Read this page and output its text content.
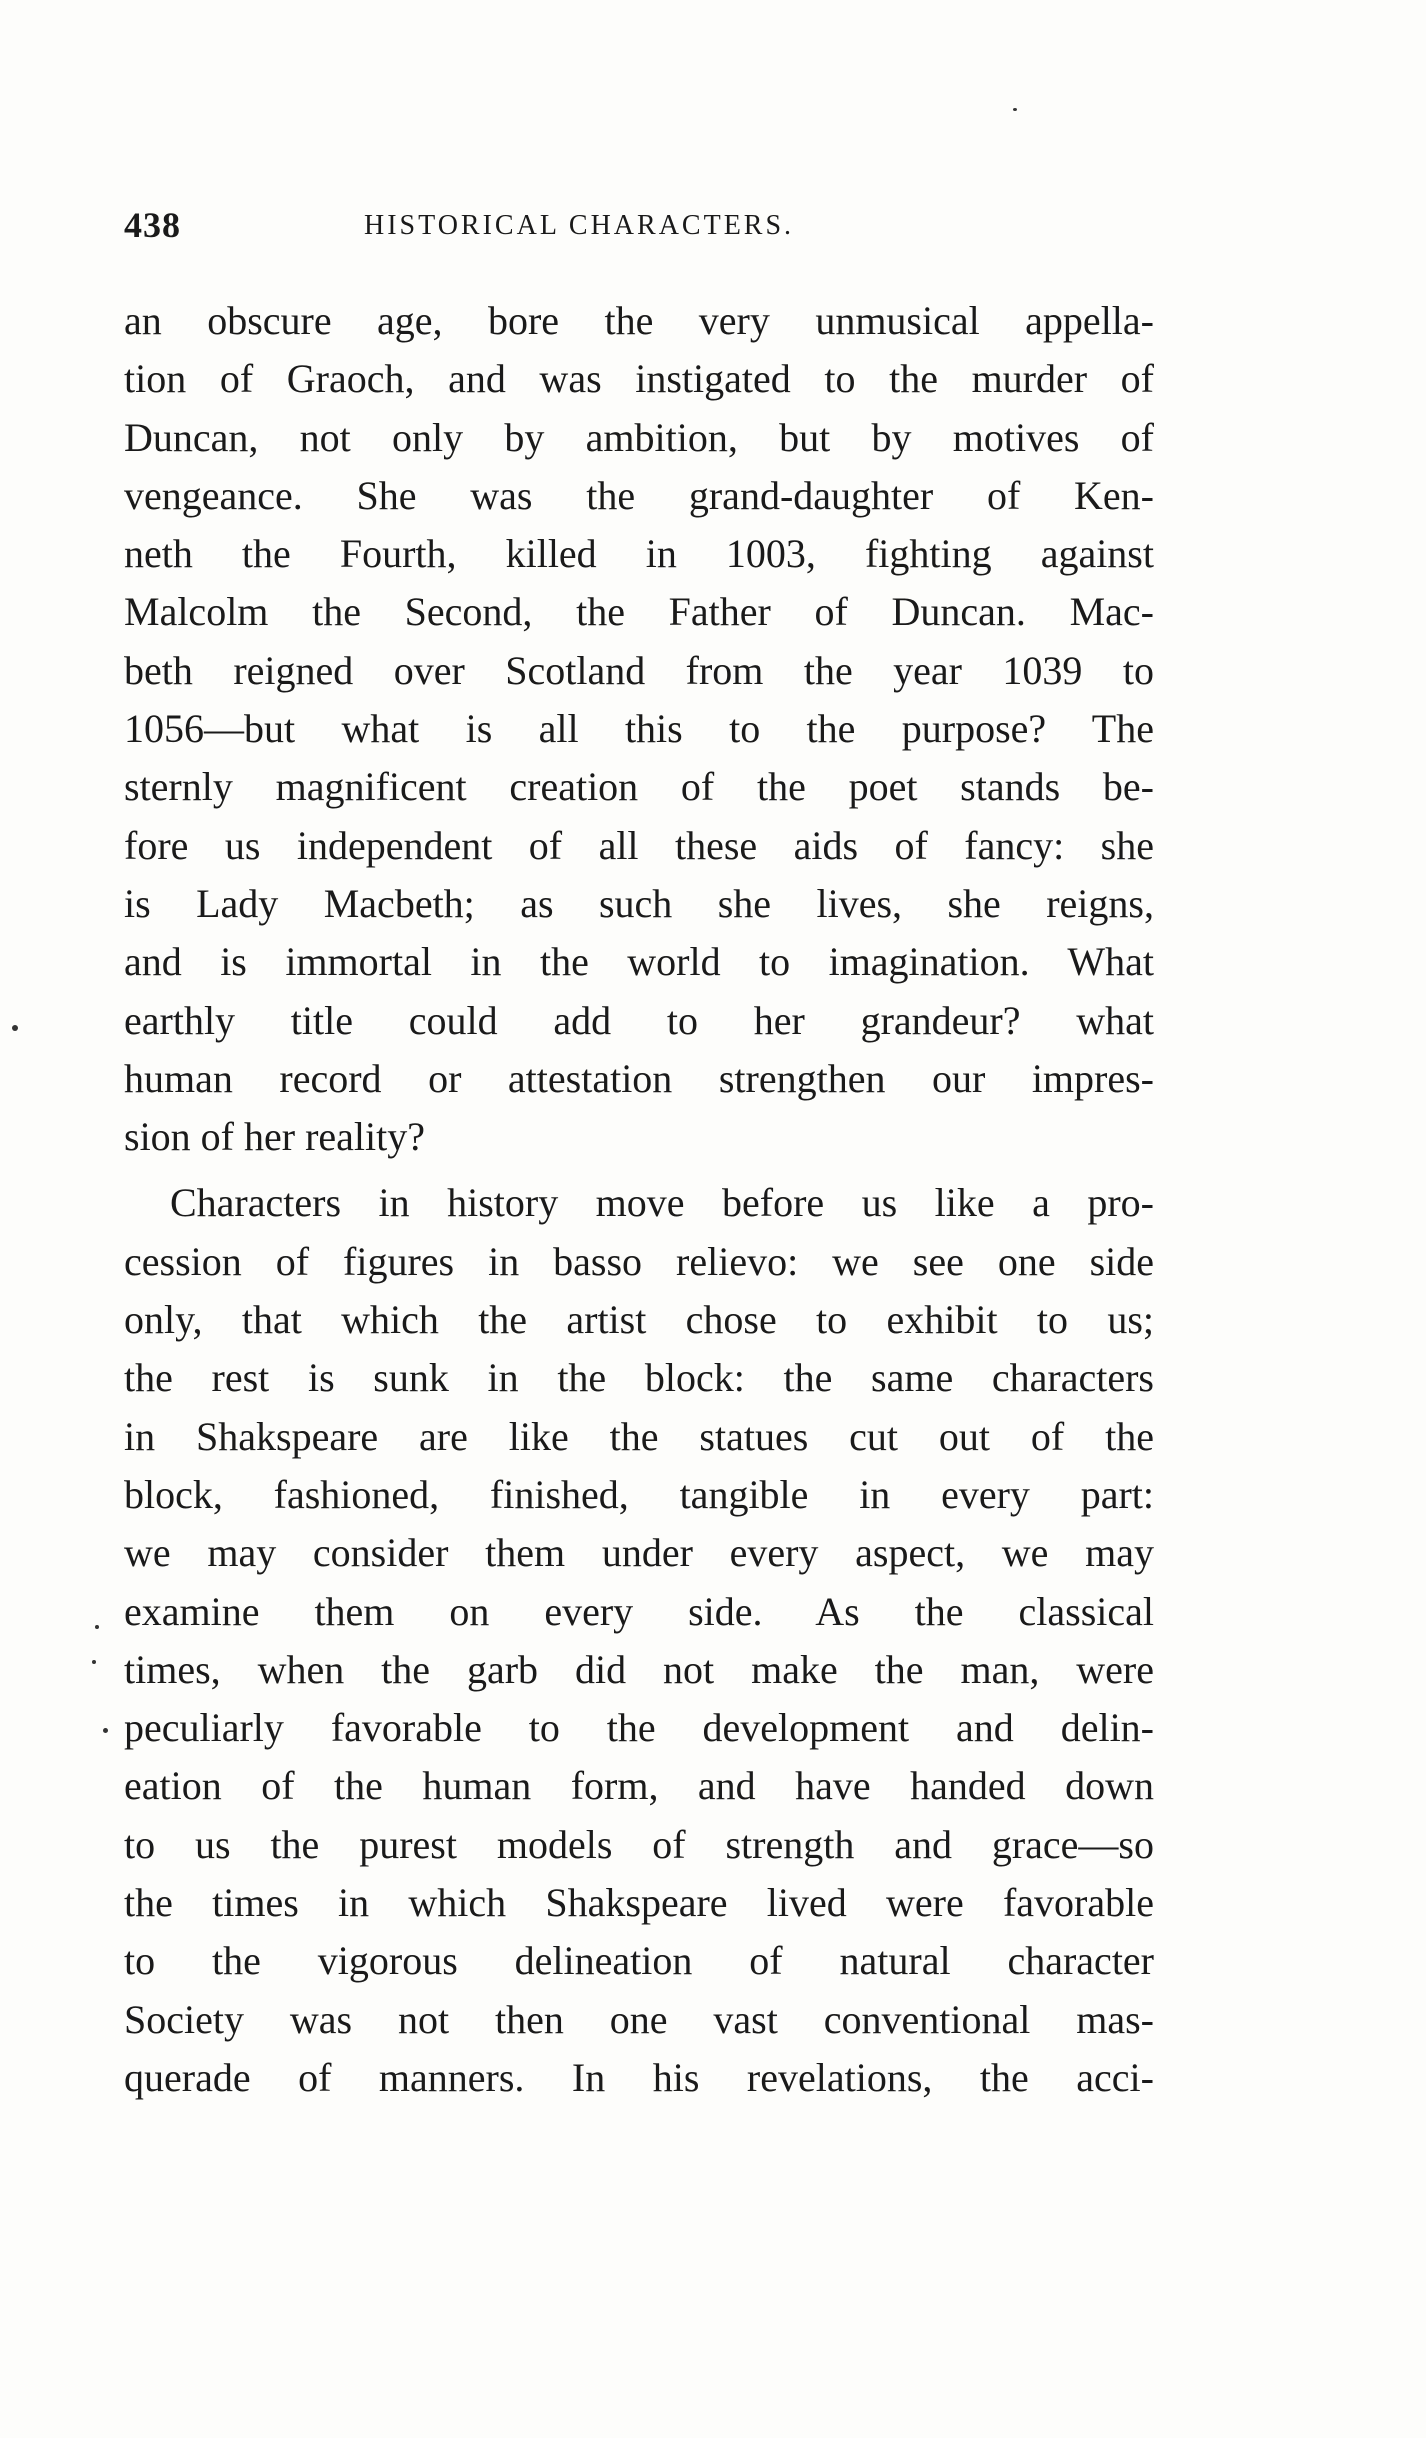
438	HISTORICAL CHARACTERS.
an obscure age, bore the very unmusical appella-
tion of Graoch, and was instigated to the murder of
Duncan, not only by ambition, but by motives of
vengeance. She was the grand-daughter of Ken-
neth the Fourth, killed in 1003, fighting against
Malcolm the Second, the Father of Duncan. Mac-
beth reigned over Scotland from the year 1039 to
1056—but what is all this to the purpose? The
sternly magnificent creation of the poet stands be-
fore us independent of all these aids of fancy: she
is Lady Macbeth; as such she lives, she reigns,
and is immortal in the world to imagination. What
earthly title could add to her grandeur? what
human record or attestation strengthen our impres-
sion of her reality?
Characters in history move before us like a pro-
cession of figures in basso relievo: we see one side
only, that which the artist chose to exhibit to us;
the rest is sunk in the block: the same characters
in Shakspeare are like the statues cut out of the
block, fashioned, finished, tangible in every part:
we may consider them under every aspect, we may
examine them on every side. As the classical
times, when the garb did not make the man, were
peculiarly favorable to the development and delin-
eation of the human form, and have handed down
to us the purest models of strength and grace—so
the times in which Shakspeare lived were favorable
to the vigorous delineation of natural character
Society was not then one vast conventional mas-
querade of manners. In his revelations, the acci-
